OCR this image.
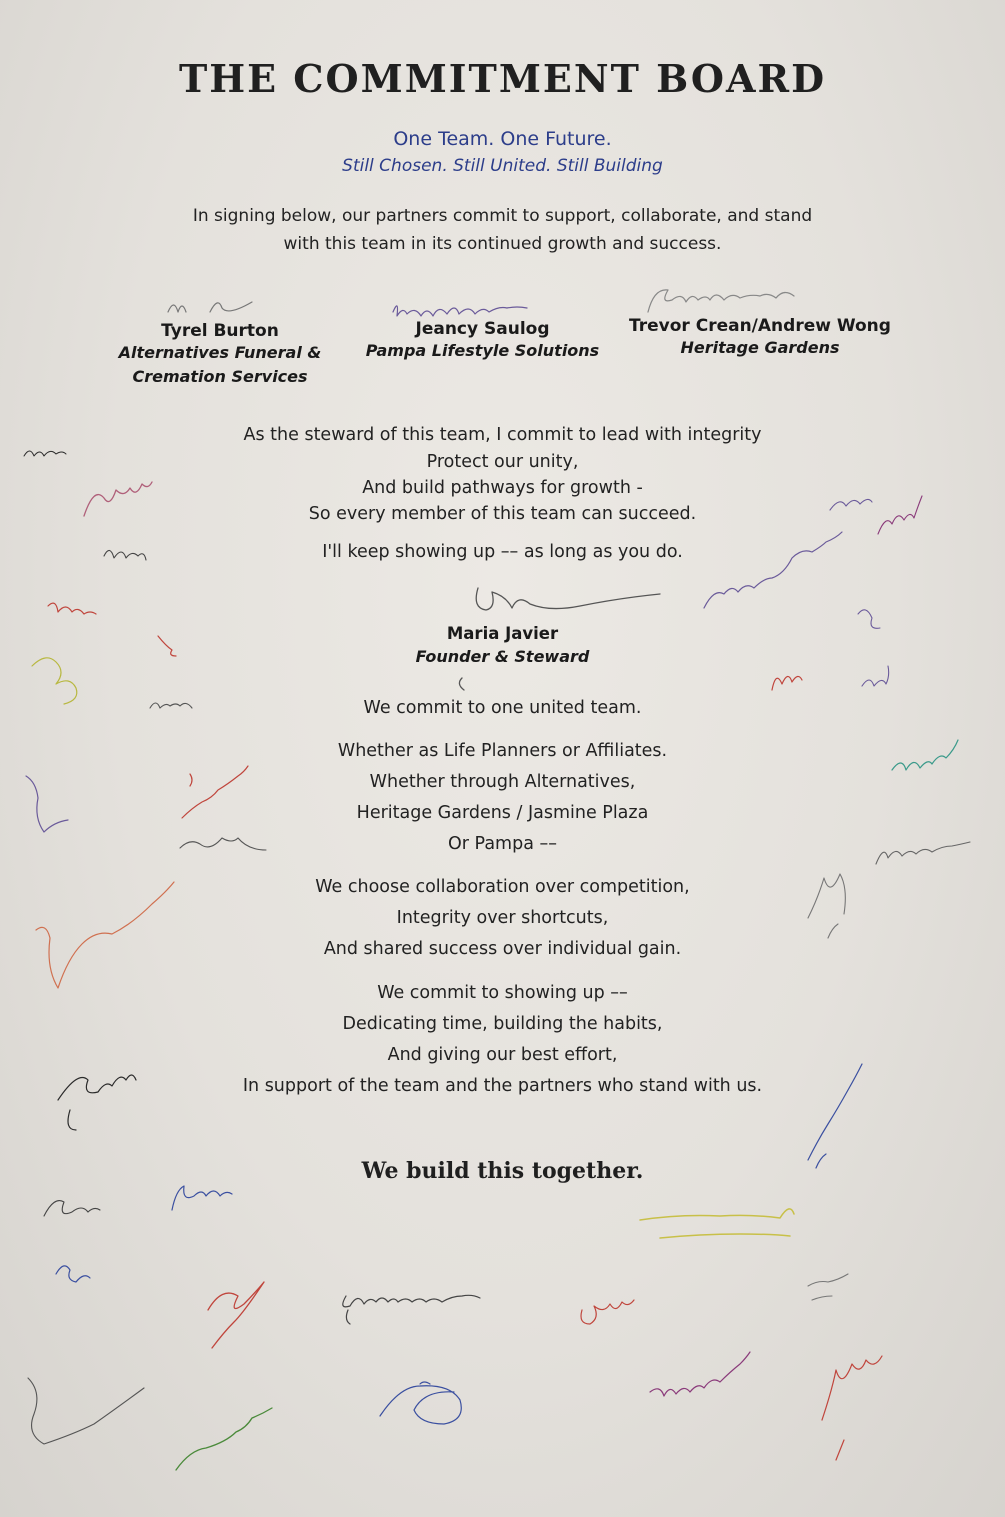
THE COMMITMENT BOARD
One Team. One Future.
Still Chosen. Still United. Still Building
In signing below, our partners commit to support, collaborate, and stand
with this team in its continued growth and success.
Tyrel Burton
Alternatives Funeral &
Cremation Services
Jeancy Saulog
Pampa Lifestyle Solutions
Trevor Crean/Andrew Wong
Heritage Gardens
As the steward of this team, I commit to lead with integrity
Protect our unity,
And build pathways for growth -
So every member of this team can succeed.
I'll keep showing up –– as long as you do.
Maria Javier
Founder & Steward
We commit to one united team.
Whether as Life Planners or Affiliates.
Whether through Alternatives,
Heritage Gardens / Jasmine Plaza
Or Pampa ––
We choose collaboration over competition,
Integrity over shortcuts,
And shared success over individual gain.
We commit to showing up ––
Dedicating time, building the habits,
And giving our best effort,
In support of the team and the partners who stand with us.
We build this together.
